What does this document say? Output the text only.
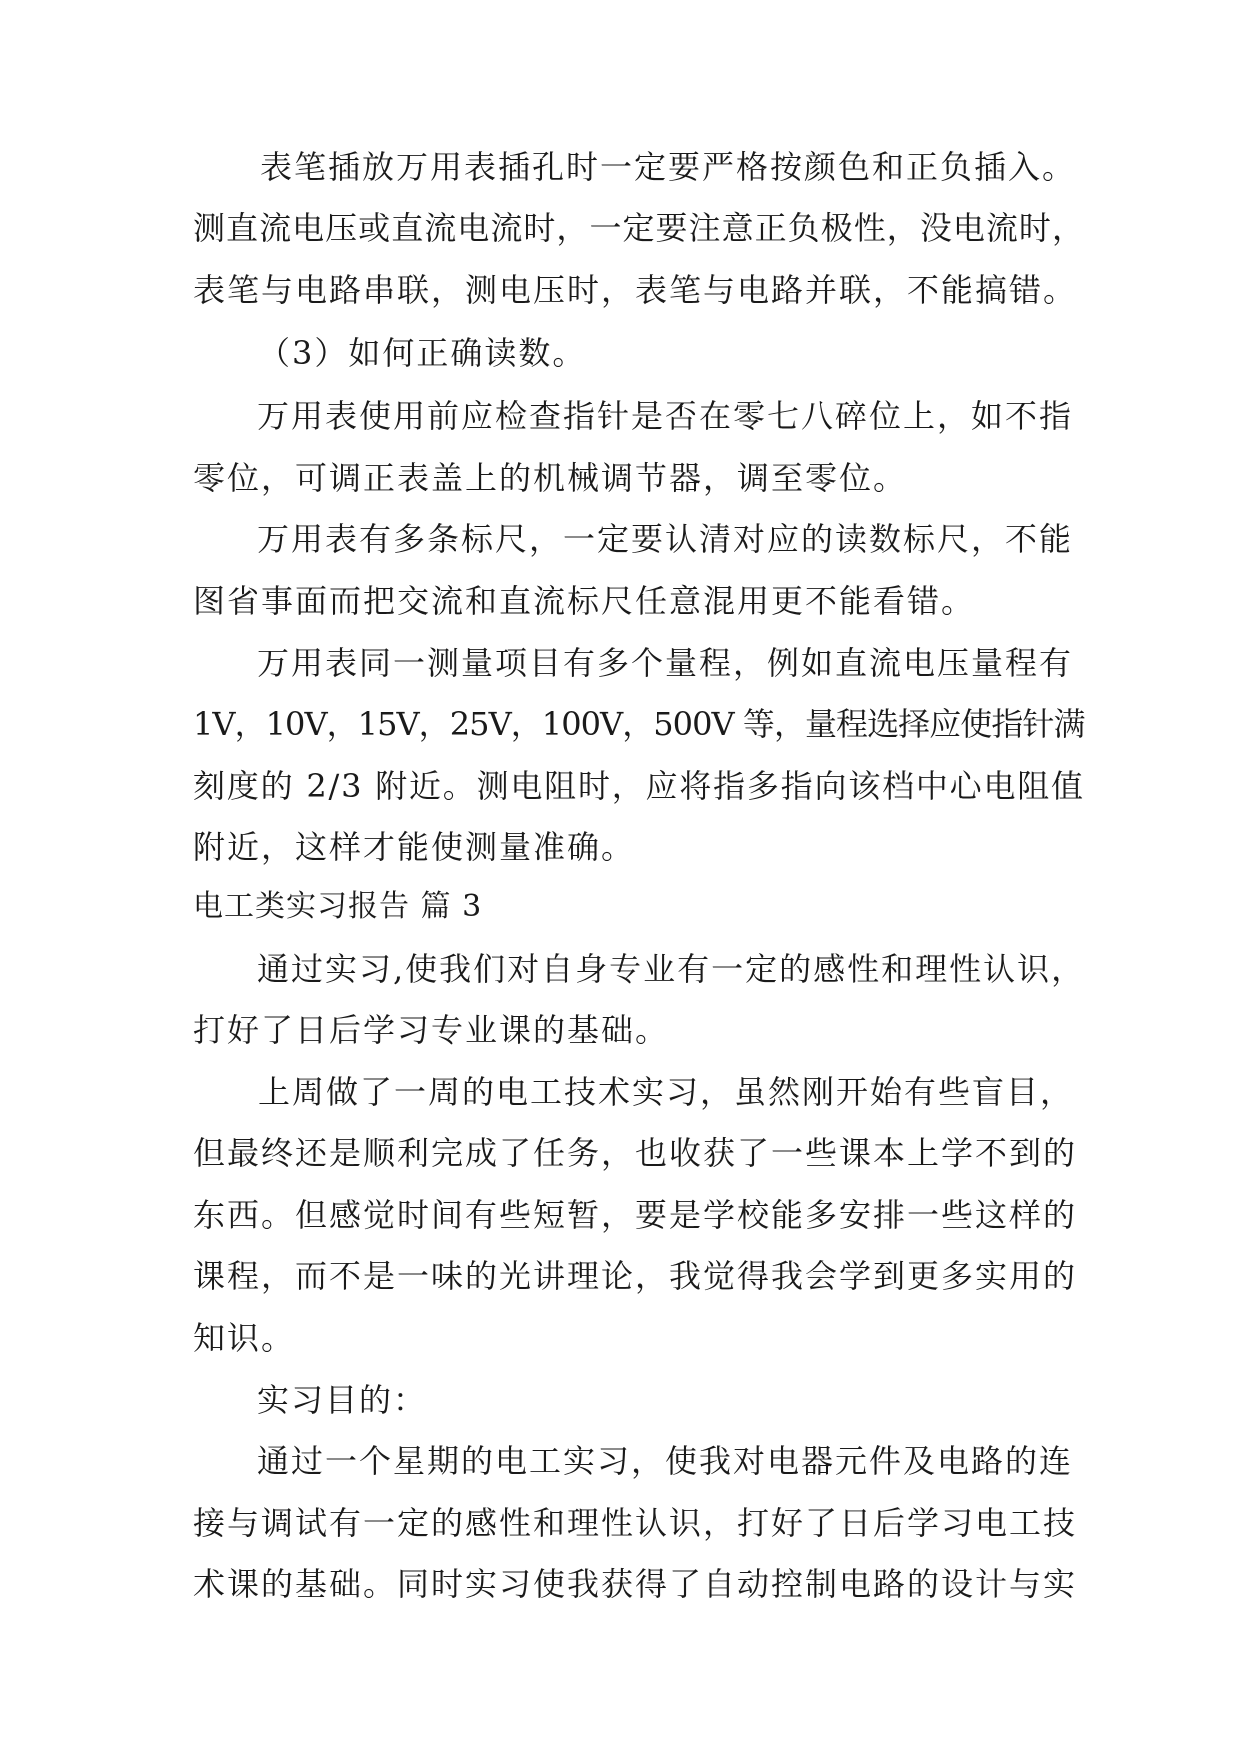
表笔插放万用表插孔时一定要严格按颜色和正负插入。
测直流电压或直流电流时，一定要注意正负极性，没电流时，
表笔与电路串联，测电压时，表笔与电路并联，不能搞错。
（3）如何正确读数。
万用表使用前应检查指针是否在零七八碎位上，如不指
零位，可调正表盖上的机械调节器，调至零位。
万用表有多条标尺，一定要认清对应的读数标尺，不能
图省事面而把交流和直流标尺任意混用更不能看错。
万用表同一测量项目有多个量程，例如直流电压量程有
1V，10V，15V，25V，100V，500V 等，量程选择应使指针满
刻度的 2/3 附近。测电阻时，应将指多指向该档中心电阻值
附近，这样才能使测量准确。
电工类实习报告 篇 3
通过实习,使我们对自身专业有一定的感性和理性认识，
打好了日后学习专业课的基础。
上周做了一周的电工技术实习，虽然刚开始有些盲目，
但最终还是顺利完成了任务，也收获了一些课本上学不到的
东西。但感觉时间有些短暂，要是学校能多安排一些这样的
课程，而不是一味的光讲理论，我觉得我会学到更多实用的
知识。
实习目的：
通过一个星期的电工实习，使我对电器元件及电路的连
接与调试有一定的感性和理性认识，打好了日后学习电工技
术课的基础。同时实习使我获得了自动控制电路的设计与实
